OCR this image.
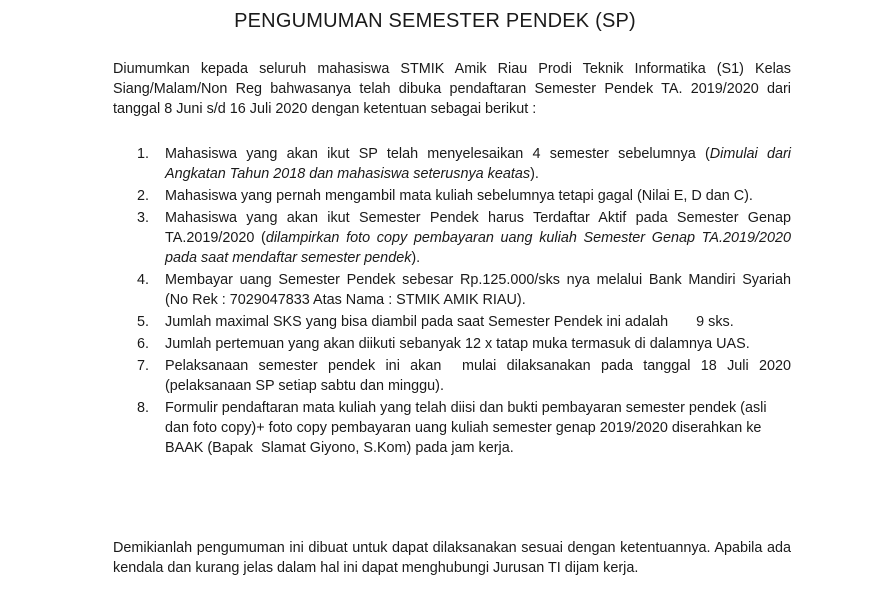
PENGUMUMAN SEMESTER PENDEK (SP)

Diumumkan kepada seluruh mahasiswa STMIK Amik Riau Prodi Teknik Informatika (S1) Kelas Siang/Malam/Non Reg bahwasanya telah dibuka pendaftaran Semester Pendek TA. 2019/2020 dari tanggal 8 Juni s/d 16 Juli 2020 dengan ketentuan sebagai berikut :

1. Mahasiswa yang akan ikut SP telah menyelesaikan 4 semester sebelumnya (Dimulai dari Angkatan Tahun 2018 dan mahasiswa seterusnya keatas).
2. Mahasiswa yang pernah mengambil mata kuliah sebelumnya tetapi gagal (Nilai E, D dan C).
3. Mahasiswa yang akan ikut Semester Pendek harus Terdaftar Aktif pada Semester Genap TA.2019/2020 (dilampirkan foto copy pembayaran uang kuliah Semester Genap TA.2019/2020 pada saat mendaftar semester pendek).
4. Membayar uang Semester Pendek sebesar Rp.125.000/sks nya melalui Bank Mandiri Syariah (No Rek : 7029047833 Atas Nama : STMIK AMIK RIAU).
5. Jumlah maximal SKS yang bisa diambil pada saat Semester Pendek ini adalah       9 sks.
6. Jumlah pertemuan yang akan diikuti sebanyak 12 x tatap muka termasuk di dalamnya UAS.
7. Pelaksanaan semester pendek ini akan  mulai dilaksanakan pada tanggal 18 Juli 2020 (pelaksanaan SP setiap sabtu dan minggu).
8.	Formulir pendaftaran mata kuliah yang telah diisi dan bukti pembayaran semester pendek (asli dan foto copy)+ foto copy pembayaran uang kuliah semester genap 2019/2020 diserahkan ke BAAK (Bapak  Slamat Giyono, S.Kom) pada jam kerja.

Demikianlah pengumuman ini dibuat untuk dapat dilaksanakan sesuai dengan ketentuannya. Apabila ada kendala dan kurang jelas dalam hal ini dapat menghubungi Jurusan TI dijam kerja.
